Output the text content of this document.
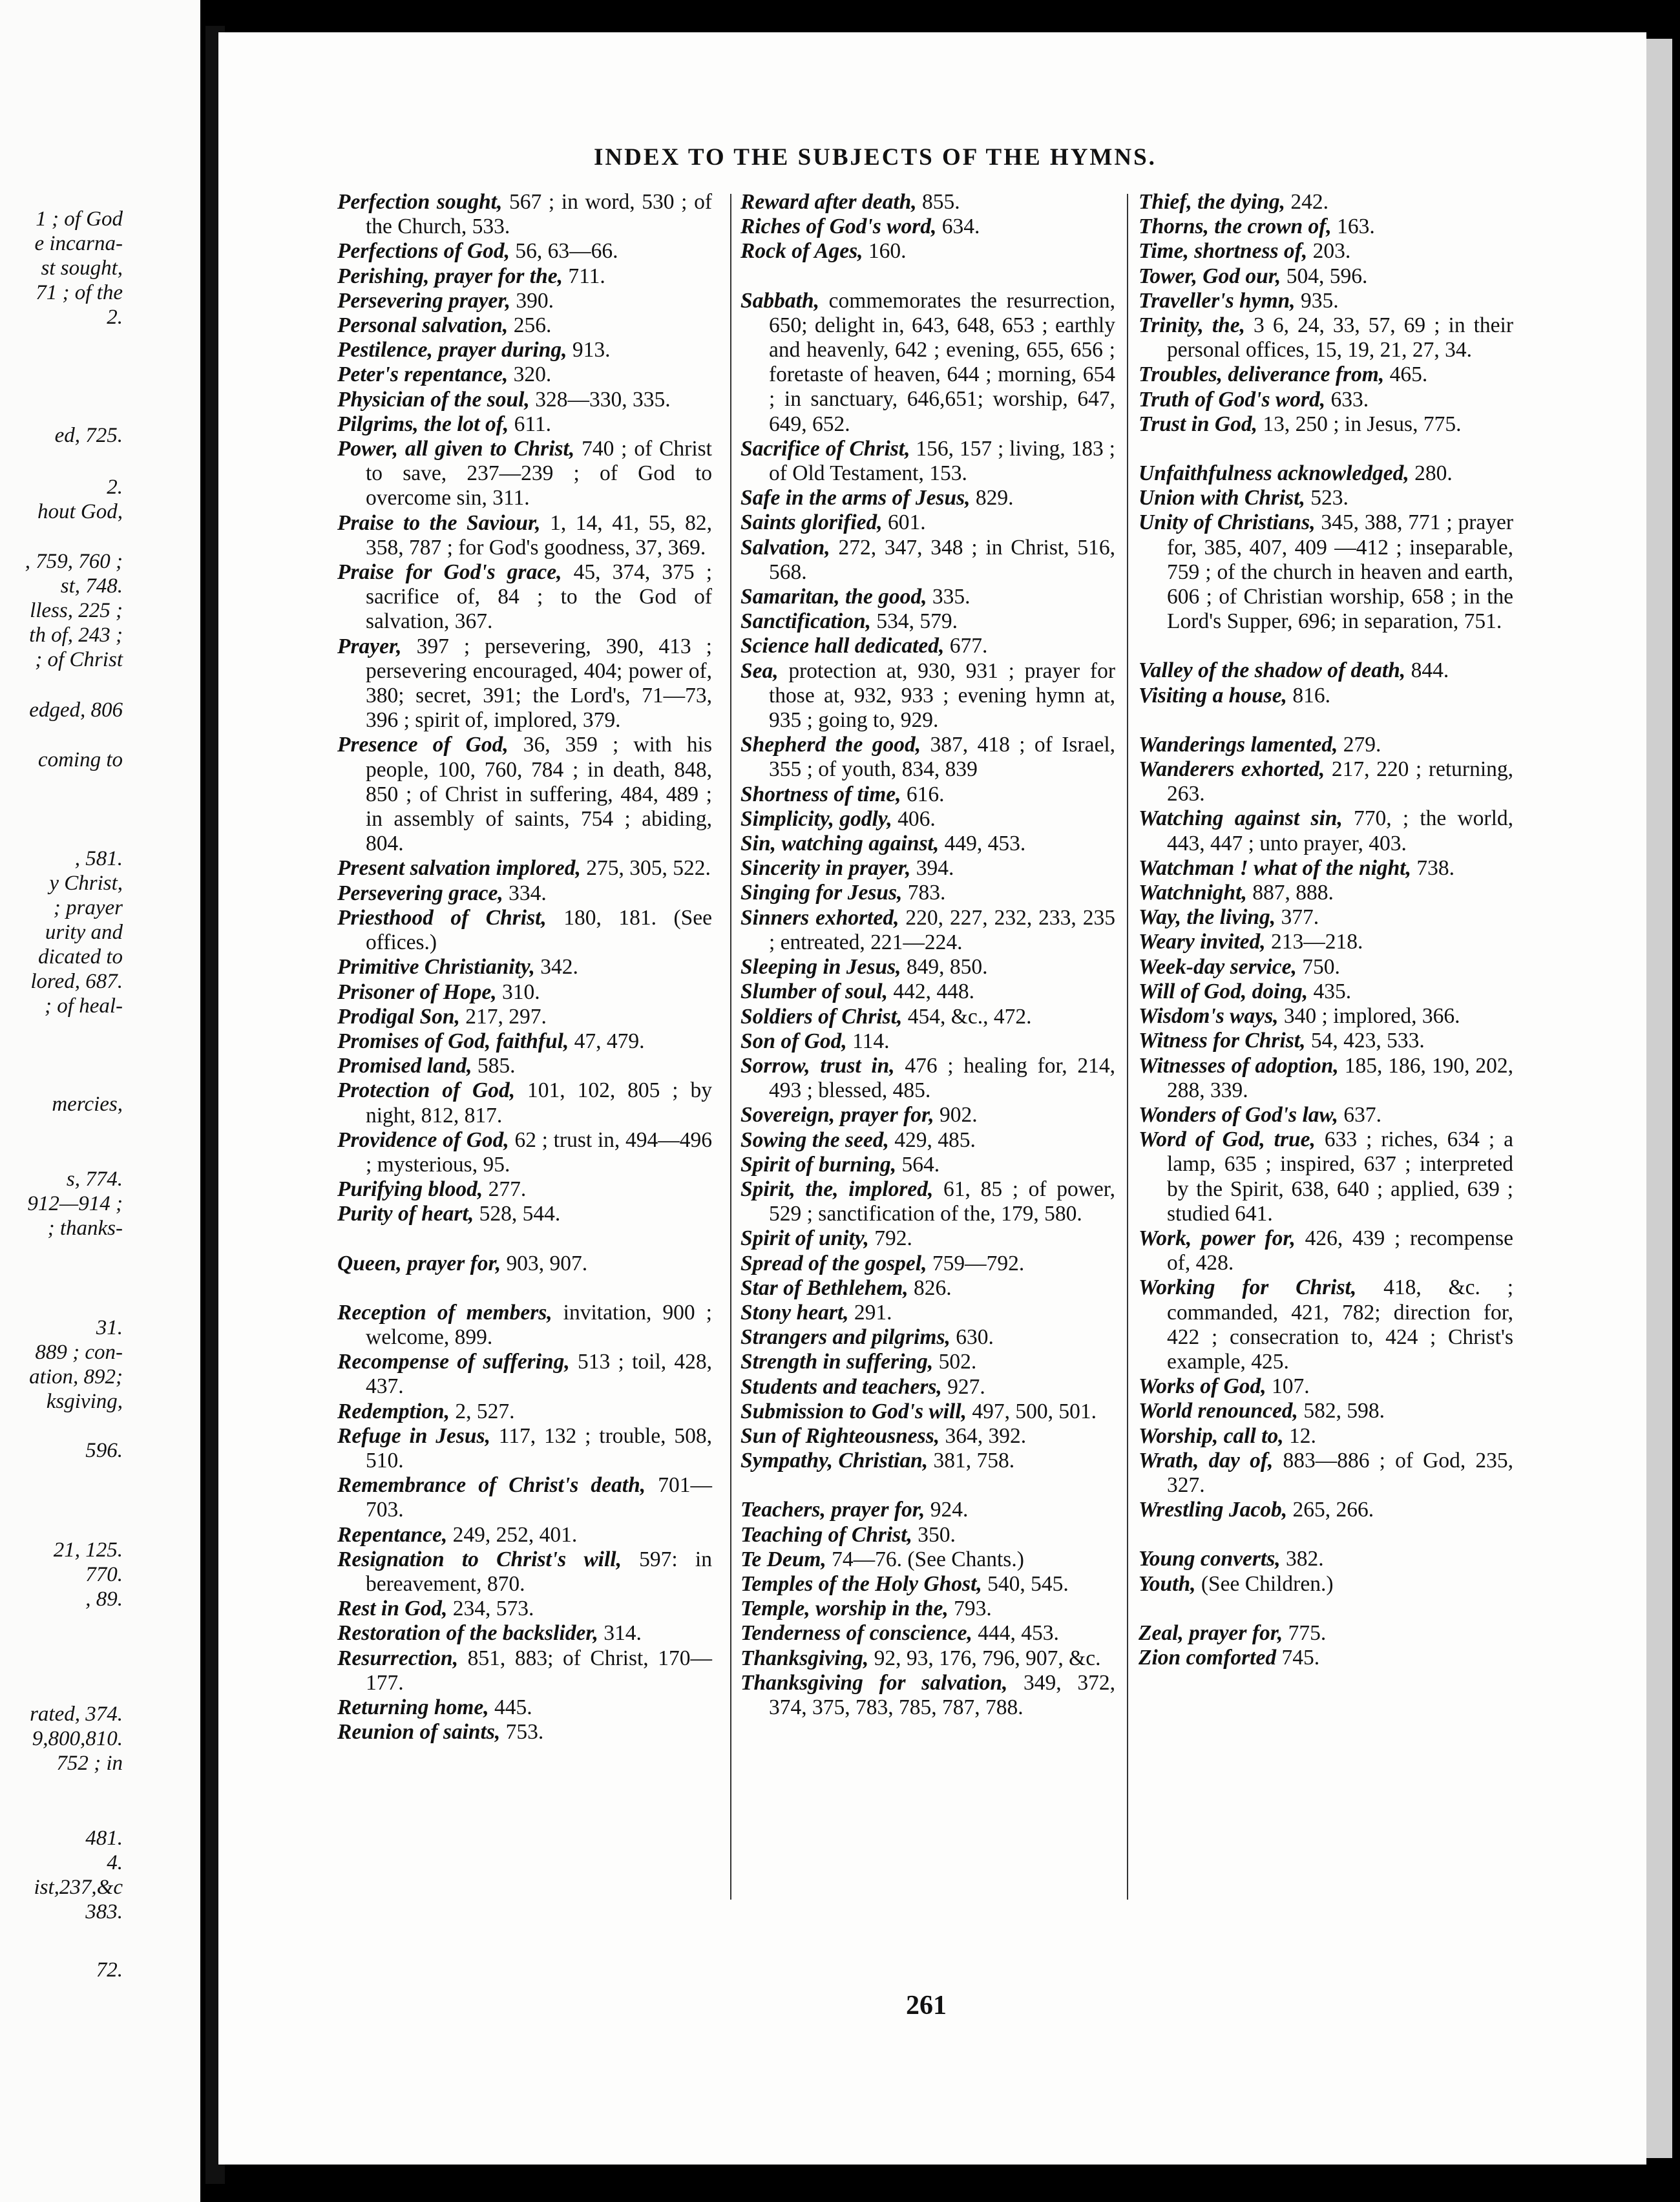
1 ; of God
e incarna-
st sought,
71 ; of the
2.
ed, 725.
2.
hout God,
, 759, 760 ;
st, 748.
lless, 225 ;
th of, 243 ;
; of Christ
edged, 806
coming to
, 581.
y Christ,
; prayer
urity and
dicated to
lored, 687.
; of heal-
mercies,
s, 774.
912—914 ;
; thanks-
31.
889 ; con-
ation, 892;
ksgiving,
596.
21, 125.
770.
, 89.
rated, 374.
9,800,810.
752 ; in
481.
4.
ist,237,&c
383.
72.
INDEX TO THE SUBJECTS OF THE HYMNS.
Perfection sought, 567 ; in word, 530 ; of the Church, 533.
Perfections of God, 56, 63—66.
Perishing, prayer for the, 711.
Persevering prayer, 390.
Personal salvation, 256.
Pestilence, prayer during, 913.
Peter's repentance, 320.
Physician of the soul, 328—330, 335.
Pilgrims, the lot of, 611.
Power, all given to Christ, 740 ; of Christ to save, 237—239 ; of God to overcome sin, 311.
Praise to the Saviour, 1, 14, 41, 55, 82, 358, 787 ; for God's goodness, 37, 369.
Praise for God's grace, 45, 374, 375 ; sacrifice of, 84 ; to the God of salvation, 367.
Prayer, 397 ; persevering, 390, 413 ; persevering encouraged, 404; power of, 380; secret, 391; the Lord's, 71—73, 396 ; spirit of, implored, 379.
Presence of God, 36, 359 ; with his people, 100, 760, 784 ; in death, 848, 850 ; of Christ in suffering, 484, 489 ; in assembly of saints, 754 ; abiding, 804.
Present salvation implored, 275, 305, 522.
Persevering grace, 334.
Priesthood of Christ, 180, 181. (See offices.)
Primitive Christianity, 342.
Prisoner of Hope, 310.
Prodigal Son, 217, 297.
Promises of God, faithful, 47, 479.
Promised land, 585.
Protection of God, 101, 102, 805 ; by night, 812, 817.
Providence of God, 62 ; trust in, 494—496 ; mysterious, 95.
Purifying blood, 277.
Purity of heart, 528, 544.
Queen, prayer for, 903, 907.
Reception of members, invitation, 900 ; welcome, 899.
Recompense of suffering, 513 ; toil, 428, 437.
Redemption, 2, 527.
Refuge in Jesus, 117, 132 ; trouble, 508, 510.
Remembrance of Christ's death, 701—703.
Repentance, 249, 252, 401.
Resignation to Christ's will, 597: in bereavement, 870.
Rest in God, 234, 573.
Restoration of the backslider, 314.
Resurrection, 851, 883; of Christ, 170—177.
Returning home, 445.
Reunion of saints, 753.
Reward after death, 855.
Riches of God's word, 634.
Rock of Ages, 160.
Sabbath, commemorates the resurrection, 650; delight in, 643, 648, 653 ; earthly and heavenly, 642 ; evening, 655, 656 ; foretaste of heaven, 644 ; morning, 654 ; in sanctuary, 646,651; worship, 647, 649, 652.
Sacrifice of Christ, 156, 157 ; living, 183 ; of Old Testament, 153.
Safe in the arms of Jesus, 829.
Saints glorified, 601.
Salvation, 272, 347, 348 ; in Christ, 516, 568.
Samaritan, the good, 335.
Sanctification, 534, 579.
Science hall dedicated, 677.
Sea, protection at, 930, 931 ; prayer for those at, 932, 933 ; evening hymn at, 935 ; going to, 929.
Shepherd the good, 387, 418 ; of Israel, 355 ; of youth, 834, 839
Shortness of time, 616.
Simplicity, godly, 406.
Sin, watching against, 449, 453.
Sincerity in prayer, 394.
Singing for Jesus, 783.
Sinners exhorted, 220, 227, 232, 233, 235 ; entreated, 221—224.
Sleeping in Jesus, 849, 850.
Slumber of soul, 442, 448.
Soldiers of Christ, 454, &c., 472.
Son of God, 114.
Sorrow, trust in, 476 ; healing for, 214, 493 ; blessed, 485.
Sovereign, prayer for, 902.
Sowing the seed, 429, 485.
Spirit of burning, 564.
Spirit, the, implored, 61, 85 ; of power, 529 ; sanctification of the, 179, 580.
Spirit of unity, 792.
Spread of the gospel, 759—792.
Star of Bethlehem, 826.
Stony heart, 291.
Strangers and pilgrims, 630.
Strength in suffering, 502.
Students and teachers, 927.
Submission to God's will, 497, 500, 501.
Sun of Righteousness, 364, 392.
Sympathy, Christian, 381, 758.
Teachers, prayer for, 924.
Teaching of Christ, 350.
Te Deum, 74—76. (See Chants.)
Temples of the Holy Ghost, 540, 545.
Temple, worship in the, 793.
Tenderness of conscience, 444, 453.
Thanksgiving, 92, 93, 176, 796, 907, &c.
Thanksgiving for salvation, 349, 372, 374, 375, 783, 785, 787, 788.
Thief, the dying, 242.
Thorns, the crown of, 163.
Time, shortness of, 203.
Tower, God our, 504, 596.
Traveller's hymn, 935.
Trinity, the, 3 6, 24, 33, 57, 69 ; in their personal offices, 15, 19, 21, 27, 34.
Troubles, deliverance from, 465.
Truth of God's word, 633.
Trust in God, 13, 250 ; in Jesus, 775.
Unfaithfulness acknowledged, 280.
Union with Christ, 523.
Unity of Christians, 345, 388, 771 ; prayer for, 385, 407, 409 —412 ; inseparable, 759 ; of the church in heaven and earth, 606 ; of Christian worship, 658 ; in the Lord's Supper, 696; in separation, 751.
Valley of the shadow of death, 844.
Visiting a house, 816.
Wanderings lamented, 279.
Wanderers exhorted, 217, 220 ; returning, 263.
Watching against sin, 770, ; the world, 443, 447 ; unto prayer, 403.
Watchman ! what of the night, 738.
Watchnight, 887, 888.
Way, the living, 377.
Weary invited, 213—218.
Week-day service, 750.
Will of God, doing, 435.
Wisdom's ways, 340 ; implored, 366.
Witness for Christ, 54, 423, 533.
Witnesses of adoption, 185, 186, 190, 202, 288, 339.
Wonders of God's law, 637.
Word of God, true, 633 ; riches, 634 ; a lamp, 635 ; inspired, 637 ; interpreted by the Spirit, 638, 640 ; applied, 639 ; studied 641.
Work, power for, 426, 439 ; recompense of, 428.
Working for Christ, 418, &c. ; commanded, 421, 782; direction for, 422 ; consecration to, 424 ; Christ's example, 425.
Works of God, 107.
World renounced, 582, 598.
Worship, call to, 12.
Wrath, day of, 883—886 ; of God, 235, 327.
Wrestling Jacob, 265, 266.
Young converts, 382.
Youth, (See Children.)
Zeal, prayer for, 775.
Zion comforted 745.
261
